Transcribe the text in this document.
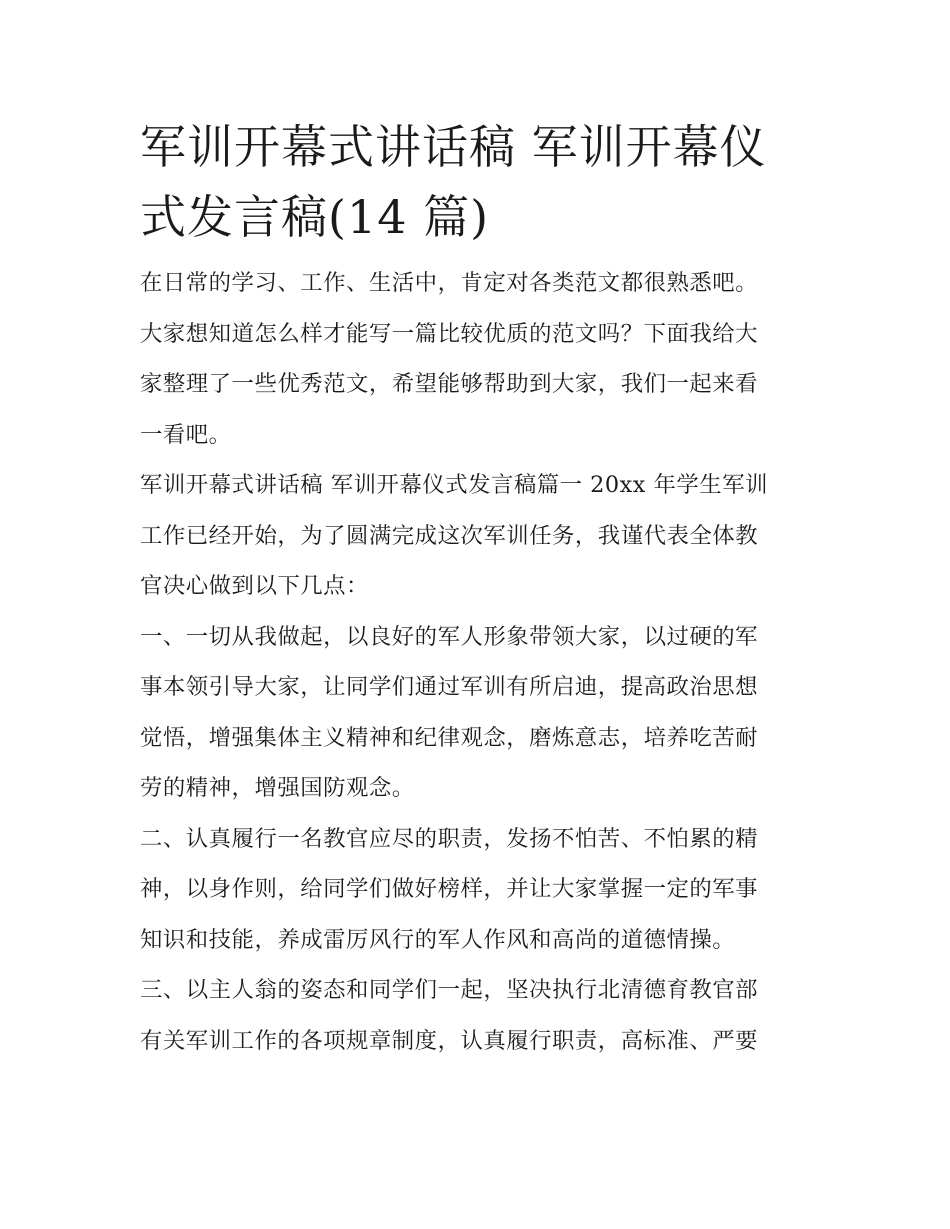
军训开幕式讲话稿 军训开幕仪
式发言稿(14 篇)

在日常的学习、工作、生活中，肯定对各类范文都很熟悉吧。
大家想知道怎么样才能写一篇比较优质的范文吗？下面我给大
家整理了一些优秀范文，希望能够帮助到大家，我们一起来看
一看吧。

军训开幕式讲话稿 军训开幕仪式发言稿篇一 20xx 年学生军训
工作已经开始，为了圆满完成这次军训任务，我谨代表全体教
官决心做到以下几点：

一、一切从我做起，以良好的军人形象带领大家，以过硬的军
事本领引导大家，让同学们通过军训有所启迪，提高政治思想
觉悟，增强集体主义精神和纪律观念，磨炼意志，培养吃苦耐
劳的精神，增强国防观念。

二、认真履行一名教官应尽的职责，发扬不怕苦、不怕累的精
神，以身作则，给同学们做好榜样，并让大家掌握一定的军事
知识和技能，养成雷厉风行的军人作风和高尚的道德情操。

三、以主人翁的姿态和同学们一起，坚决执行北清德育教官部
有关军训工作的各项规章制度，认真履行职责，高标准、严要
